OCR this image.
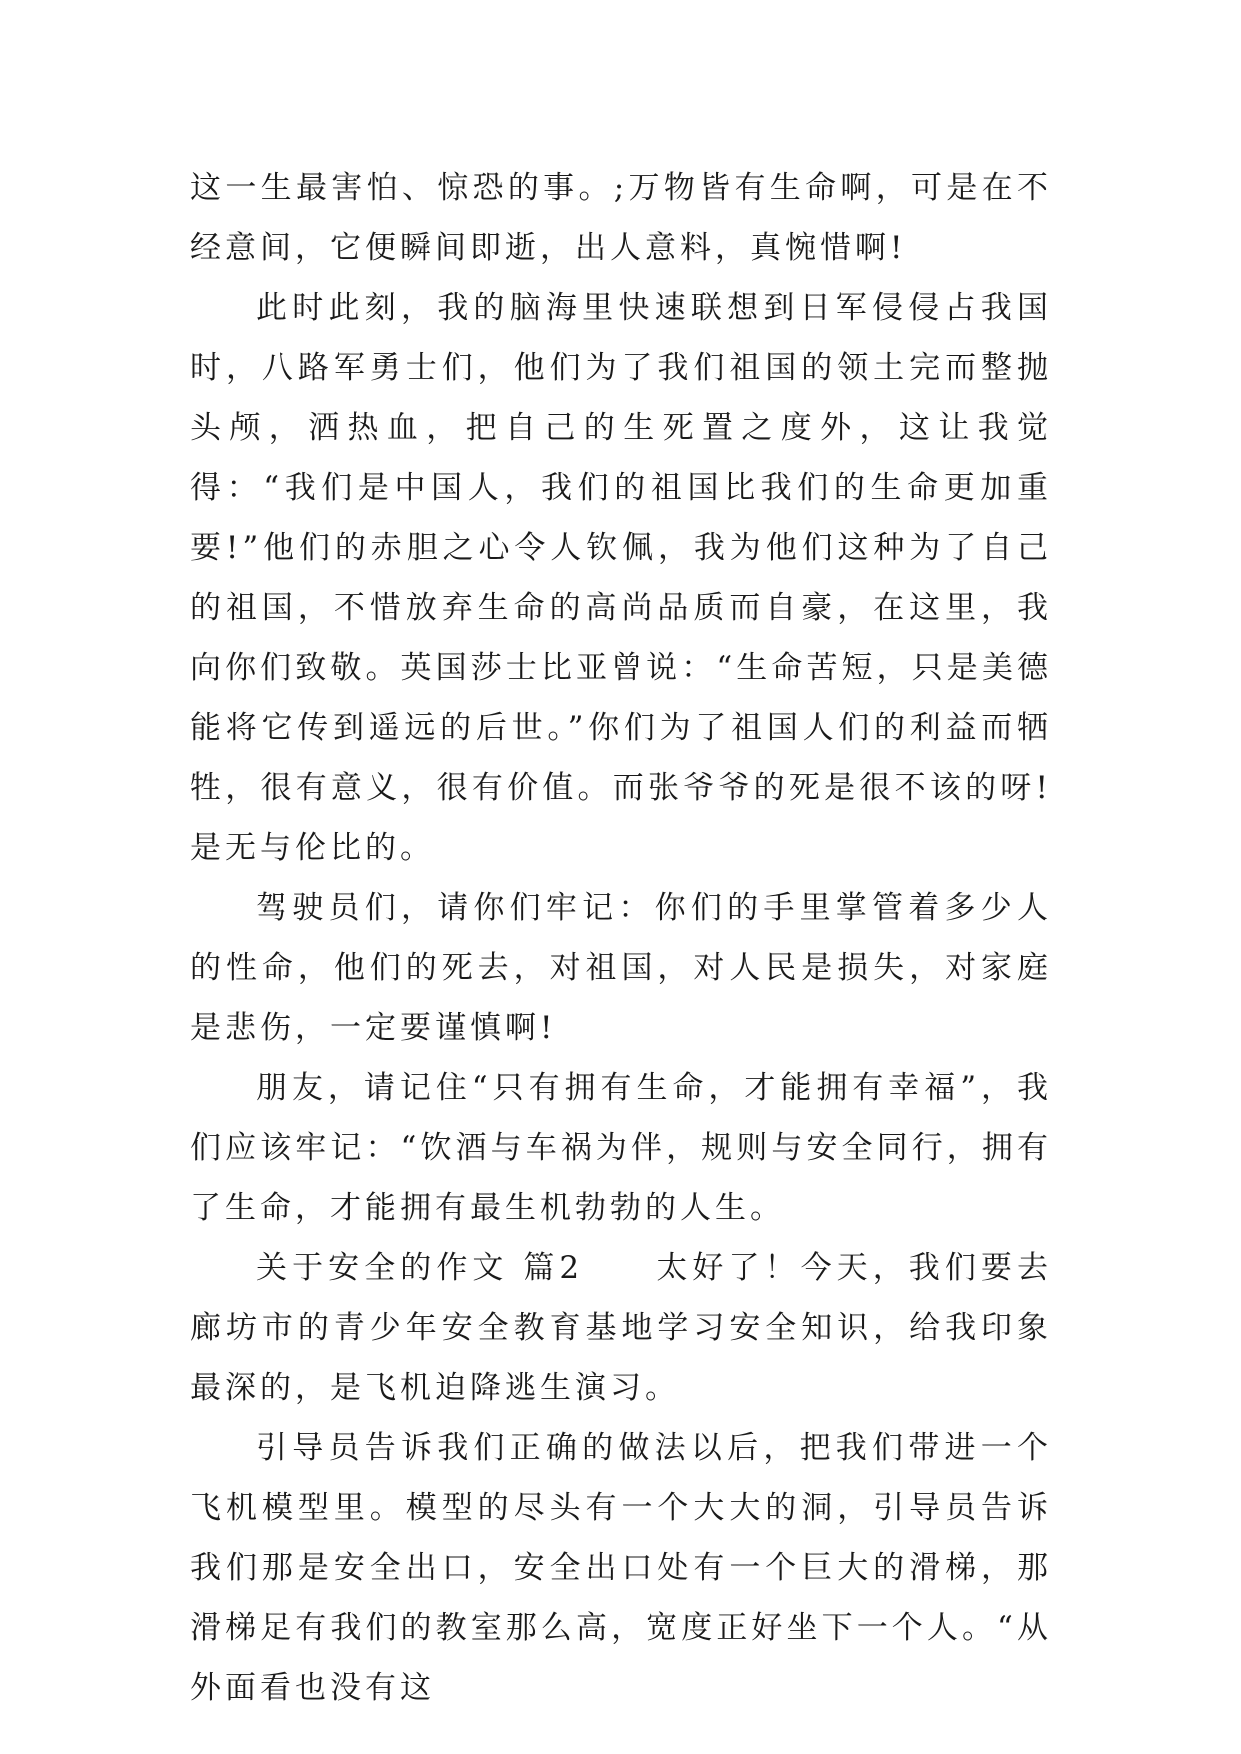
这一生最害怕、惊恐的事。;万物皆有生命啊，可是在不经意间，它便瞬间即逝，出人意料，真惋惜啊!

此时此刻，我的脑海里快速联想到日军侵侵占我国时，八路军勇士们，他们为了我们祖国的领土完而整抛头颅，洒热血，把自己的生死置之度外，这让我觉得：“我们是中国人，我们的祖国比我们的生命更加重要!”他们的赤胆之心令人钦佩，我为他们这种为了自己的祖国，不惜放弃生命的高尚品质而自豪，在这里，我向你们致敬。英国莎士比亚曾说：“生命苦短，只是美德能将它传到遥远的后世。”你们为了祖国人们的利益而牺牲，很有意义，很有价值。而张爷爷的死是很不该的呀!是无与伦比的。

驾驶员们，请你们牢记：你们的手里掌管着多少人的性命，他们的死去，对祖国，对人民是损失，对家庭是悲伤，一定要谨慎啊!

朋友，请记住“只有拥有生命，才能拥有幸福”，我们应该牢记：“饮酒与车祸为伴，规则与安全同行，拥有了生命，才能拥有最生机勃勃的人生。

关于安全的作文 篇2　　太好了！今天，我们要去廊坊市的青少年安全教育基地学习安全知识，给我印象最深的，是飞机迫降逃生演习。

引导员告诉我们正确的做法以后，把我们带进一个飞机模型里。模型的尽头有一个大大的洞，引导员告诉我们那是安全出口，安全出口处有一个巨大的滑梯，那滑梯足有我们的教室那么高，宽度正好坐下一个人。“从外面看也没有这
